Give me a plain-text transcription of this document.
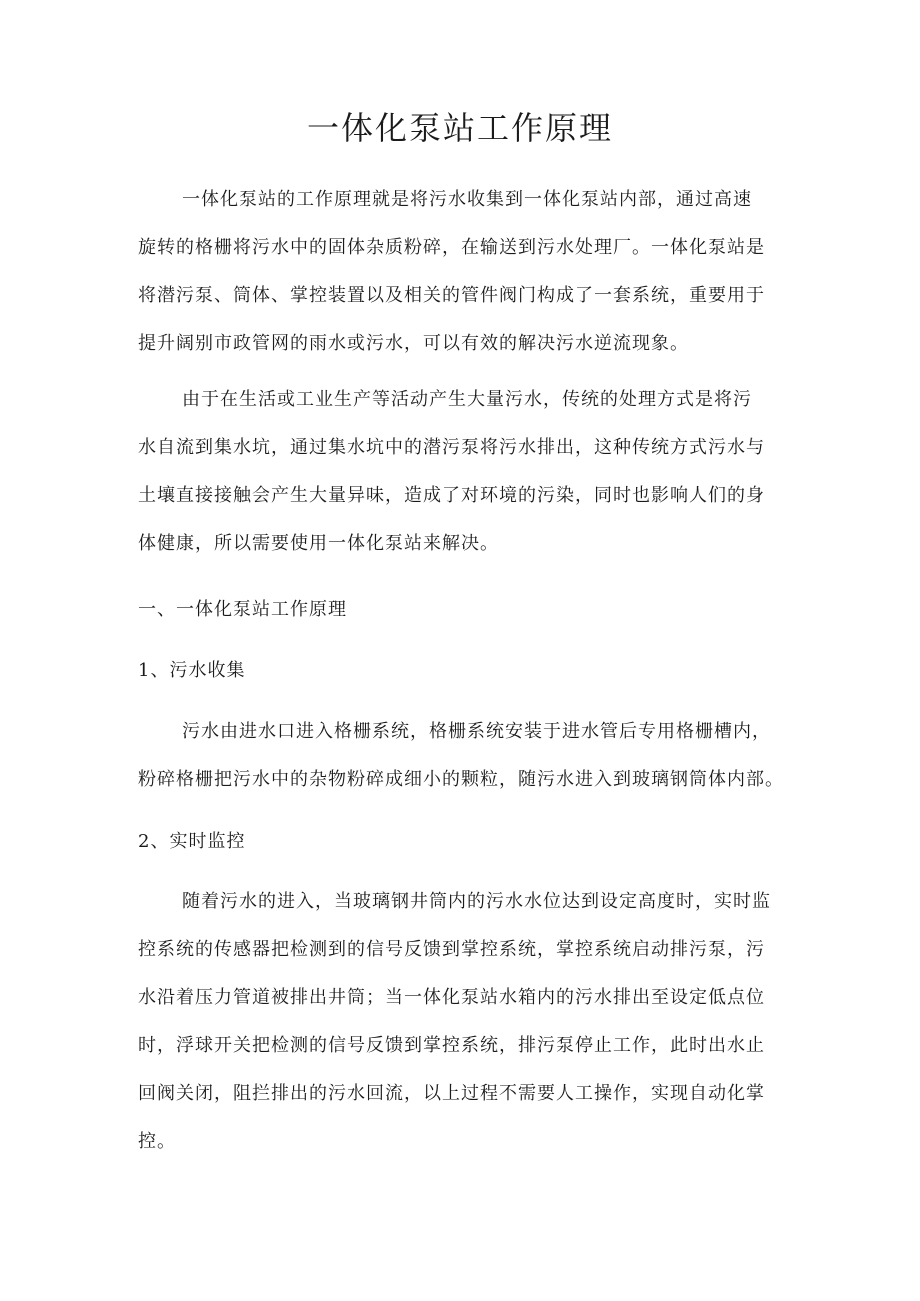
一体化泵站工作原理
一体化泵站的工作原理就是将污水收集到一体化泵站内部，通过高速
旋转的格栅将污水中的固体杂质粉碎，在输送到污水处理厂。一体化泵站是
将潜污泵、筒体、掌控装置以及相关的管件阀门构成了一套系统，重要用于
提升阔别市政管网的雨水或污水，可以有效的解决污水逆流现象。
由于在生活或工业生产等活动产生大量污水，传统的处理方式是将污
水自流到集水坑，通过集水坑中的潜污泵将污水排出，这种传统方式污水与
土壤直接接触会产生大量异味，造成了对环境的污染，同时也影响人们的身
体健康，所以需要使用一体化泵站来解决。
一、一体化泵站工作原理
1、污水收集
污水由进水口进入格栅系统，格栅系统安装于进水管后专用格栅槽内，
粉碎格栅把污水中的杂物粉碎成细小的颗粒，随污水进入到玻璃钢筒体内部。
2、实时监控
随着污水的进入，当玻璃钢井筒内的污水水位达到设定高度时，实时监
控系统的传感器把检测到的信号反馈到掌控系统，掌控系统启动排污泵，污
水沿着压力管道被排出井筒；当一体化泵站水箱内的污水排出至设定低点位
时，浮球开关把检测的信号反馈到掌控系统，排污泵停止工作，此时出水止
回阀关闭，阻拦排出的污水回流，以上过程不需要人工操作，实现自动化掌
控。
